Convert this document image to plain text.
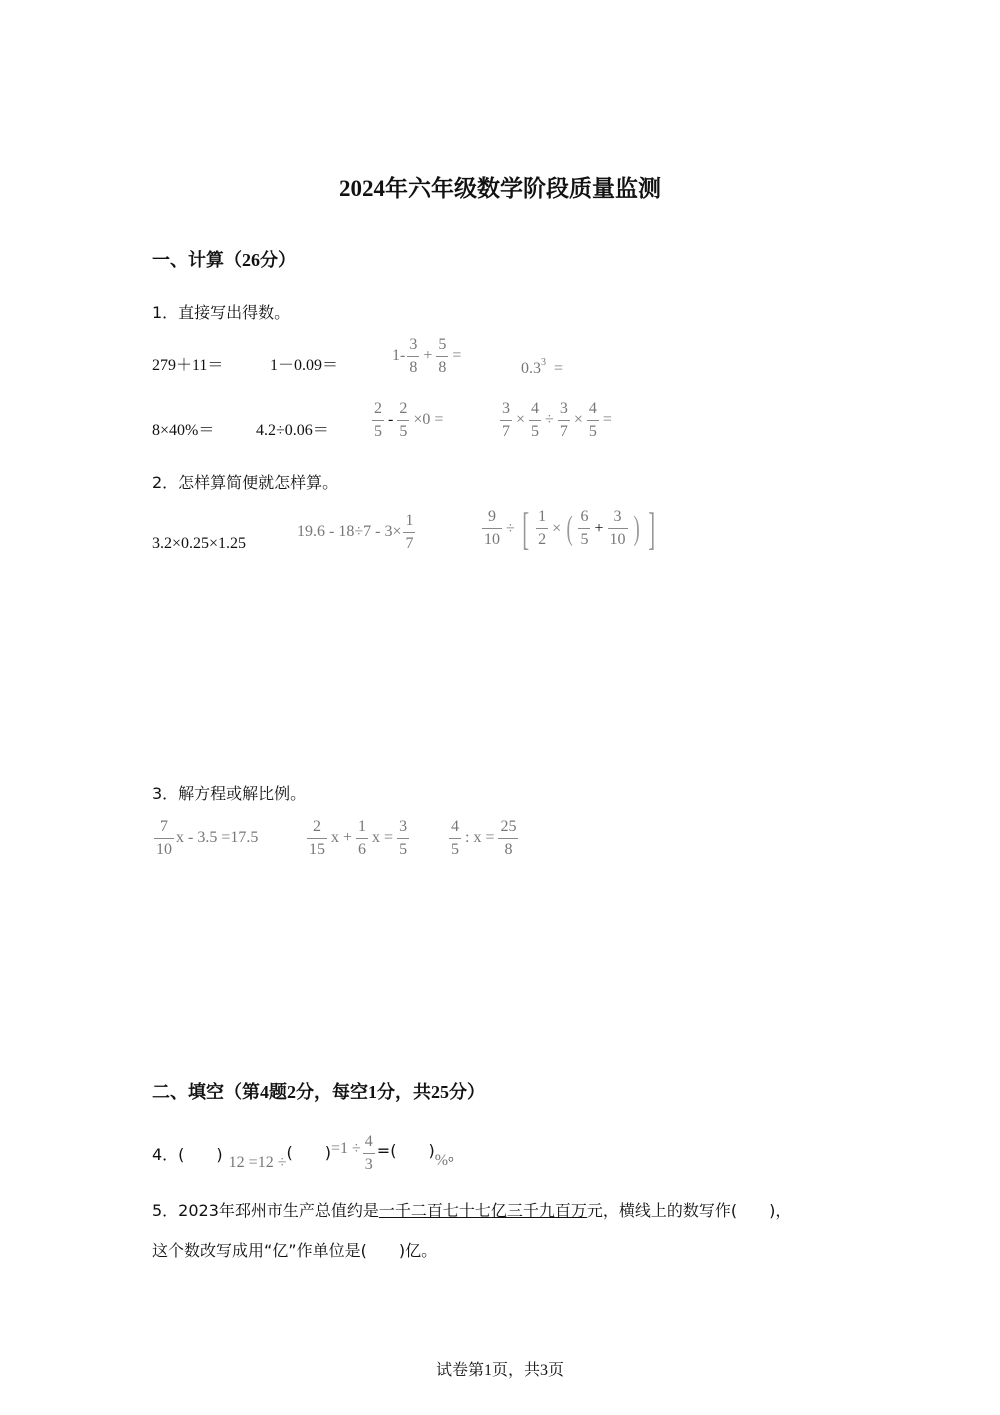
2024年六年级数学阶段质量监测
一、计算（26分）
1．直接写出得数。
279＋11＝	1－0.09＝
$1- \frac{3}{8} + \frac{5}{8}$ =
0.3 3 =
8×40%＝	4.2÷0.06＝	$\frac{2}{5} - \frac{2}{5} \times 0$ =	$\frac{3}{7} \times \frac{4}{5} \div \frac{3}{7} \times \frac{4}{5}$ =
2．怎样算简便就怎样算。
3.2×0.25×1.25
$19.6 - 18\div 7 - 3\times \frac{1}{7}$	$\frac{9}{10}$ ÷ [ $\frac{1}{2}$ × ( $\frac{6}{5} + \frac{3}{10}$ ) ]
3．解方程或解比例。
$\frac{7}{10}$ x - 3.5 =17.5	$\frac{2}{15}$ $x + \frac{1}{6}$ $x = \frac{3}{5} \frac{4}{5}$ : $x = \frac{25}{8}$
二、填空（第4题2分，每空1分，共25分）
4．(　　) 12 =12 ÷
(　　) $=1 \div \frac{4}{3}$ =(　　)
% 。
5．2023年邳州市生产总值约是一千二百七十七亿三千九百万元，横线上的数写作(　　)，
这个数改写成用“亿”作单位是(　　)亿。
试卷第1页，共3页
